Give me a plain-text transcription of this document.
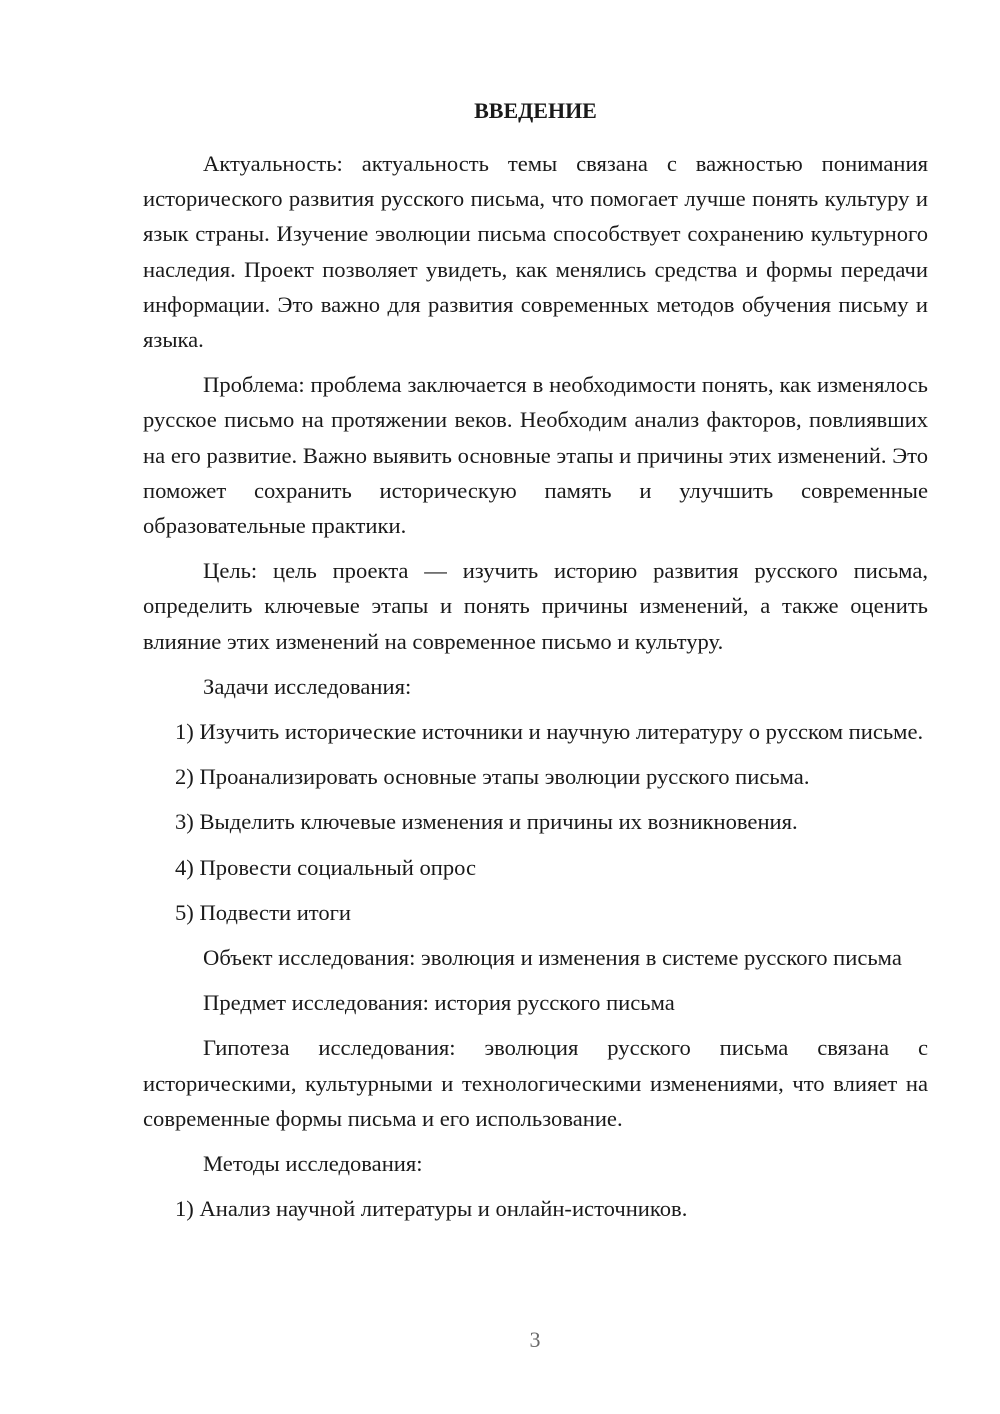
ВВЕДЕНИЕ

Актуальность: актуальность темы связана с важностью понимания исторического развития русского письма, что помогает лучше понять культуру и язык страны. Изучение эволюции письма способствует сохранению культурного наследия. Проект позволяет увидеть, как менялись средства и формы передачи информации. Это важно для развития современных методов обучения письму и языка.

Проблема: проблема заключается в необходимости понять, как изменялось русское письмо на протяжении веков. Необходим анализ факторов, повлиявших на его развитие. Важно выявить основные этапы и причины этих изменений. Это поможет сохранить историческую память и улучшить современные образовательные практики.

Цель: цель проекта — изучить историю развития русского письма, определить ключевые этапы и понять причины изменений, а также оценить влияние этих изменений на современное письмо и культуру.

Задачи исследования:

1) Изучить исторические источники и научную литературу о русском письме.

2) Проанализировать основные этапы эволюции русского письма.

3) Выделить ключевые изменения и причины их возникновения.

4) Провести социальный опрос

5) Подвести итоги

Объект исследования: эволюция и изменения в системе русского письма

Предмет исследования: история русского письма

Гипотеза исследования: эволюция русского письма связана с историческими, культурными и технологическими изменениями, что влияет на современные формы письма и его использование.

Методы исследования:

1) Анализ научной литературы и онлайн-источников.

3
